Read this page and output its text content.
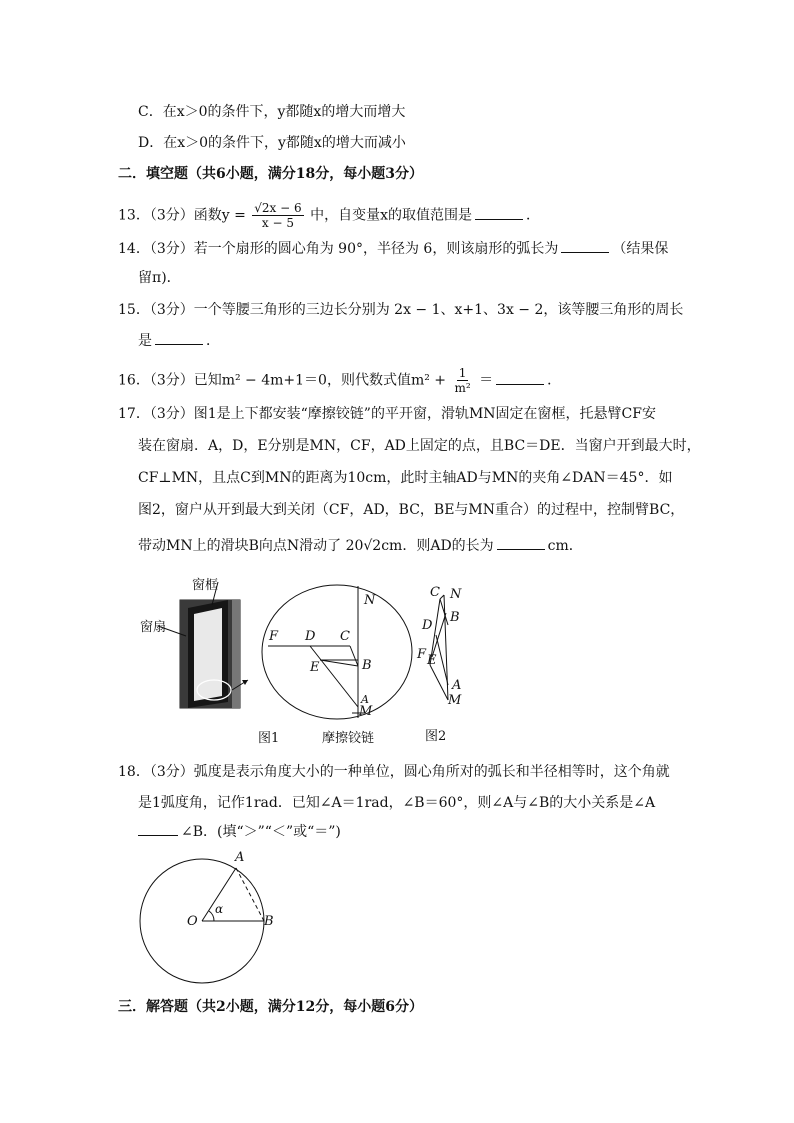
C．在x＞0的条件下，y都随x的增大而增大
D．在x＞0的条件下，y都随x的增大而减小
二．填空题（共6小题，满分18分，每小题3分）
13．（3分）函数$y = \frac{√2x - 6}{x - 5}$ 中，自变量x的取值范围是	．
14．（3分）若一个扇形的圆心角为 90°，半径为 6，则该扇形的弧长为	（结果保
留π)．
15．（3分）一个等腰三角形的三边长分别为 2x − 1、x+1、3x − 2，该等腰三角形的周长
是	．
16．（3分）已知m² − 4m+1＝0，则代数式值$m^2 + \frac{1}{\text{m²}}$ ＝	．
17．（3分）图1是上下都安装“摩擦铰链”的平开窗，滑轨MN固定在窗框，托悬臂CF安
装在窗扇．A，D，E分别是MN，CF，AD上固定的点，且BC＝DE．当窗户开到最大时，
CF⊥MN，且点C到MN的距离为10cm，此时主轴AD与MN的夹角∠DAN＝45°．如
图2，窗户从开到最大到关闭（CF，AD，BC，BE与MN重合）的过程中，控制臂BC，
带动MN上的滑块B向点N滑动了 20√2cm．则AD的长为	cm．
窗框
窗扇
图1
N
F D C
E	B
A
M
摩擦铰链
C N
B
D
F E
A
M
图2
18．（3分）弧度是表示角度大小的一种单位，圆心角所对的弧长和半径相等时，这个角就
是1弧度角，记作1rad．已知∠A＝1rad，∠B＝60°，则∠A与∠B的大小关系是∠A
∠B．(填“＞”“＜”或“＝”)
A
O	B
α
三．解答题（共2小题，满分12分，每小题6分）
